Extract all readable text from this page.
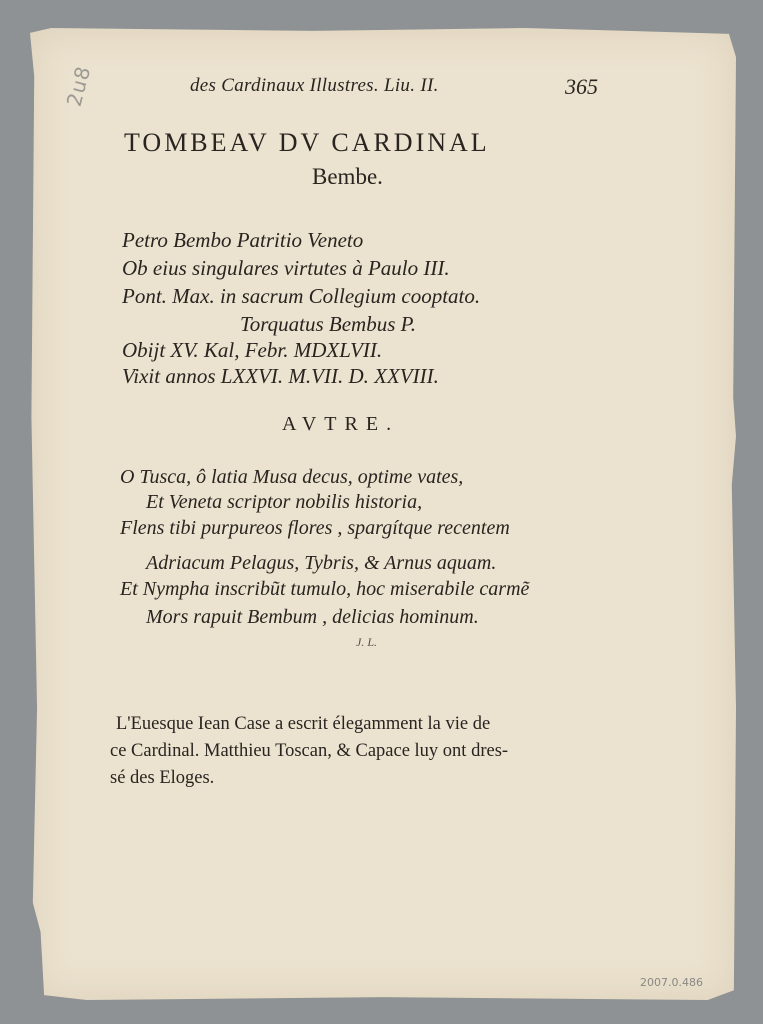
2u8	des Cardinaux Illustres. Liu. II.	365
TOMBEAV DV CARDINAL
Bembe.
Petro Bembo Patritio Veneto
Ob eius singulares virtutes à Paulo III.
Pont. Max. in sacrum Collegium cooptato.
Torquatus Bembus P.
Obijt XV. Kal, Febr. MDXLVII.
Vixit annos LXXVI. M.VII. D. XXVIII.
AVTRE.
O Tusca, ô latia Musa decus, optime vates,
Et Veneta scriptor nobilis historia,
Flens tibi purpureos flores , spargítque recentem
Adriacum Pelagus, Tybris, & Arnus aquam.
Et Nympha inscribũt tumulo, hoc miserabile carmẽ
Mors rapuit Bembum , delicias hominum.
J. L.
L'Euesque Iean Case a escrit élegamment la vie de
ce Cardinal. Matthieu Toscan, & Capace luy ont dres-
sé des Eloges.
2007.0.486
